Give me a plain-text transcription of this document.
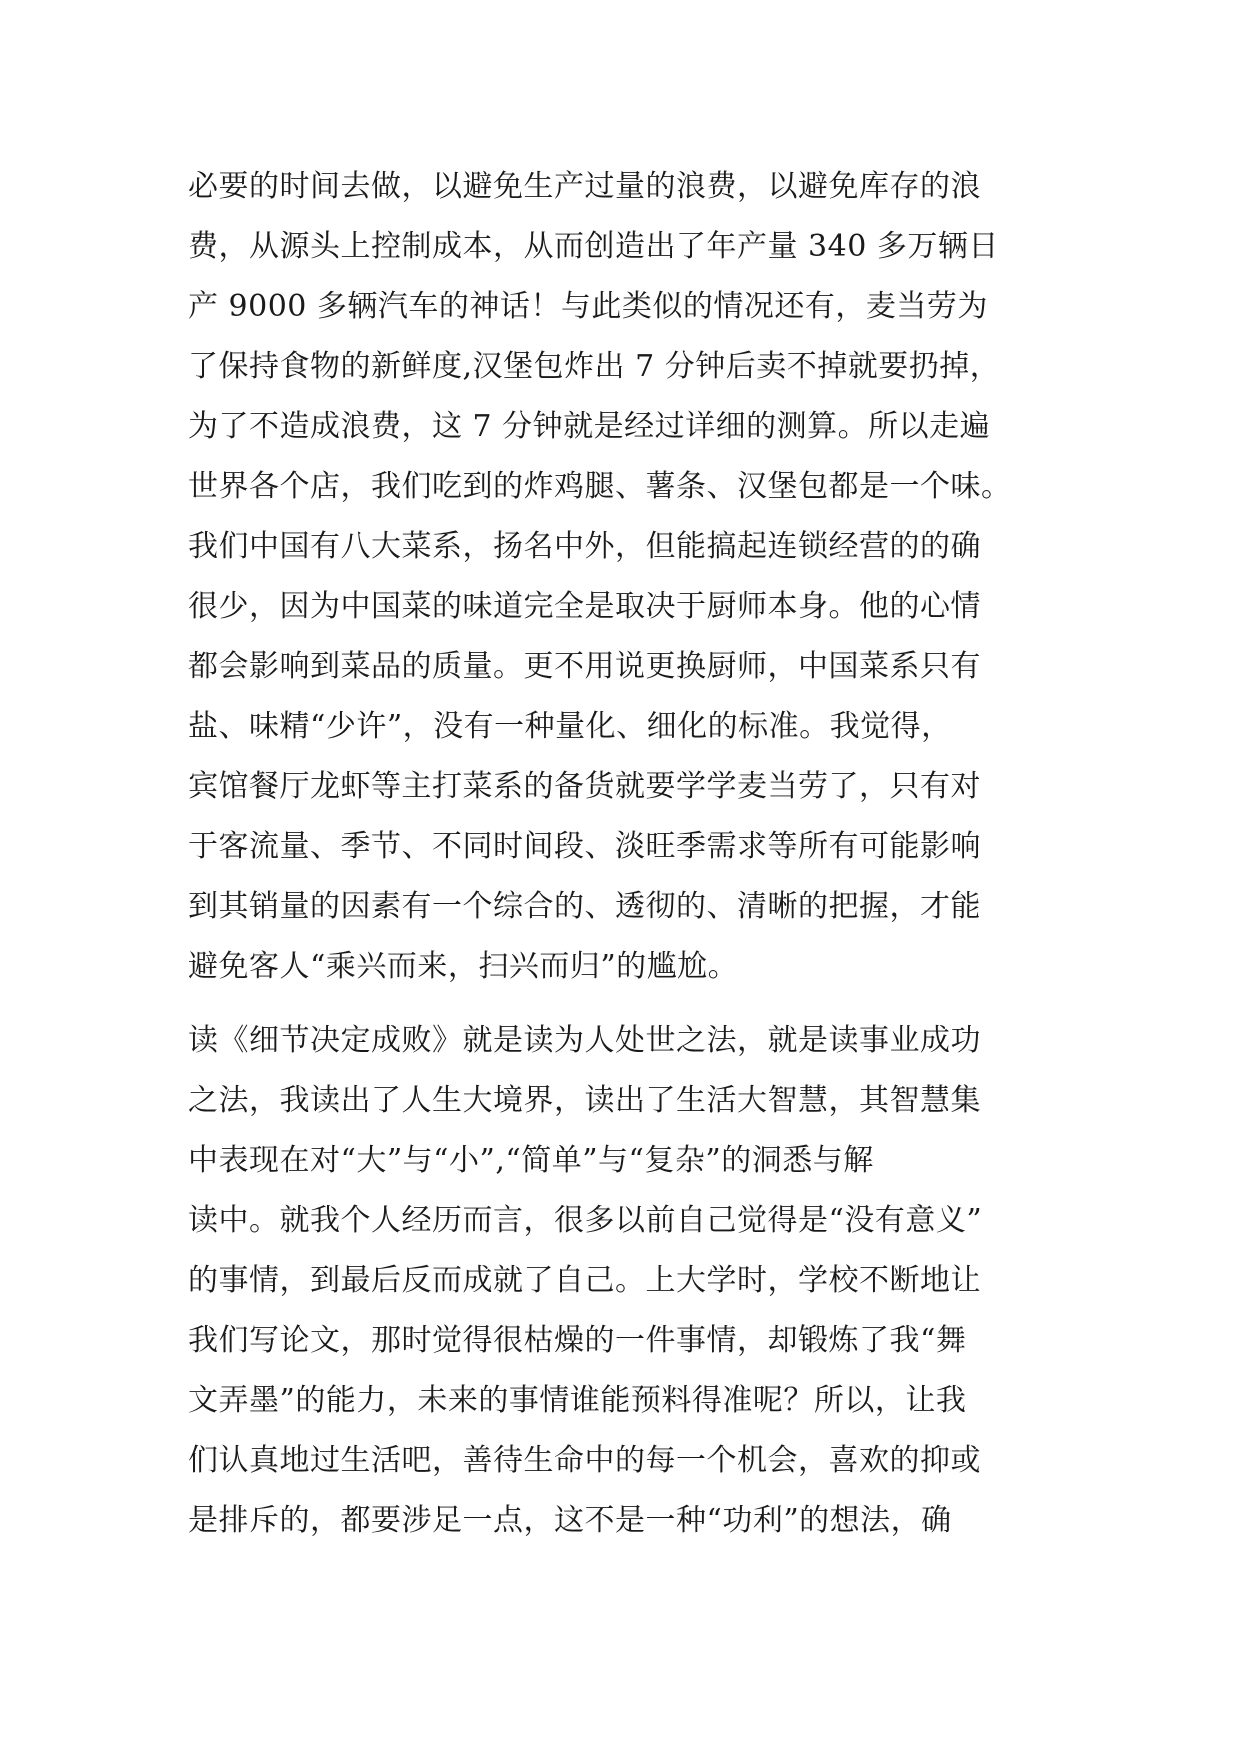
必要的时间去做，以避免生产过量的浪费，以避免库存的浪
费，从源头上控制成本，从而创造出了年产量 340 多万辆日
产 9000 多辆汽车的神话！与此类似的情况还有，麦当劳为
了保持食物的新鲜度,汉堡包炸出 7 分钟后卖不掉就要扔掉，
为了不造成浪费，这 7 分钟就是经过详细的测算。所以走遍
世界各个店，我们吃到的炸鸡腿、薯条、汉堡包都是一个味。
我们中国有八大菜系，扬名中外，但能搞起连锁经营的的确
很少，因为中国菜的味道完全是取决于厨师本身。他的心情
都会影响到菜品的质量。更不用说更换厨师，中国菜系只有
盐、味精“少许”，没有一种量化、细化的标准。我觉得，
宾馆餐厅龙虾等主打菜系的备货就要学学麦当劳了，只有对
于客流量、季节、不同时间段、淡旺季需求等所有可能影响
到其销量的因素有一个综合的、透彻的、清晰的把握，才能
避免客人“乘兴而来，扫兴而归”的尴尬。
读《细节决定成败》就是读为人处世之法，就是读事业成功
之法，我读出了人生大境界，读出了生活大智慧，其智慧集
中表现在对“大”与“小”,“简单”与“复杂”的洞悉与解
读中。就我个人经历而言，很多以前自己觉得是“没有意义”
的事情，到最后反而成就了自己。上大学时，学校不断地让
我们写论文，那时觉得很枯燥的一件事情，却锻炼了我“舞
文弄墨”的能力，未来的事情谁能预料得准呢？所以，让我
们认真地过生活吧，善待生命中的每一个机会，喜欢的抑或
是排斥的，都要涉足一点，这不是一种“功利”的想法，确
